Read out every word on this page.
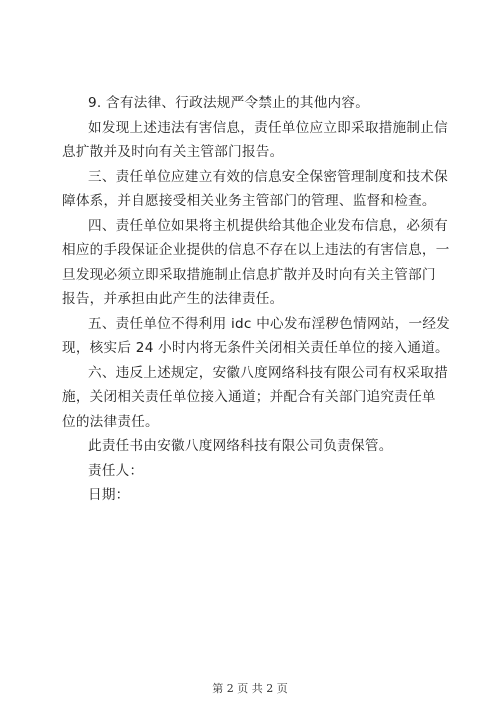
9. 含有法律、行政法规严令禁止的其他内容。
如发现上述违法有害信息，责任单位应立即采取措施制止信
息扩散并及时向有关主管部门报告。
三、责任单位应建立有效的信息安全保密管理制度和技术保
障体系，并自愿接受相关业务主管部门的管理、监督和检查。
四、责任单位如果将主机提供给其他企业发布信息，必须有
相应的手段保证企业提供的信息不存在以上违法的有害信息，一
旦发现必须立即采取措施制止信息扩散并及时向有关主管部门
报告，并承担由此产生的法律责任。
五、责任单位不得利用 idc 中心发布淫秽色情网站，一经发
现，核实后 24 小时内将无条件关闭相关责任单位的接入通道。
六、违反上述规定，安徽八度网络科技有限公司有权采取措
施，关闭相关责任单位接入通道；并配合有关部门追究责任单
位的法律责任。
此责任书由安徽八度网络科技有限公司负责保管。
责任人：
日期：
第 2 页 共 2 页
